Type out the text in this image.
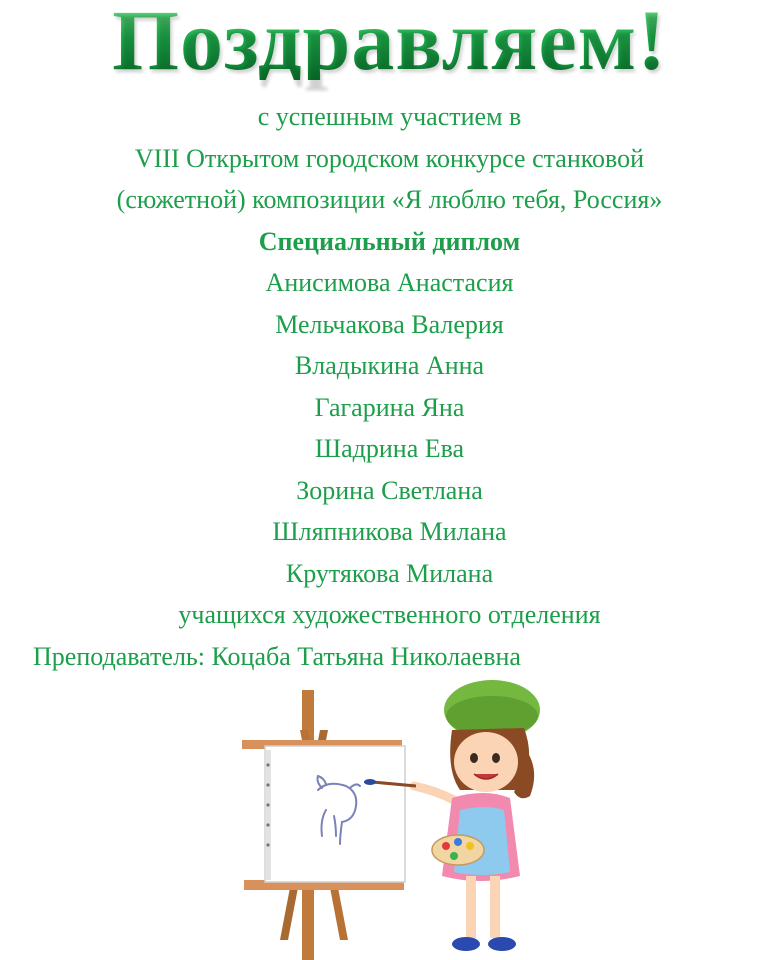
Поздравляем!
с успешным участием в
VIII Открытом городском конкурсе станковой
(сюжетной) композиции «Я люблю тебя, Россия»
Специальный диплом
Анисимова Анастасия
Мельчакова Валерия
Владыкина Анна
Гагарина Яна
Шадрина Ева
Зорина Светлана
Шляпникова Милана
Крутякова Милана
учащихся художественного отделения
Преподаватель: Коцаба Татьяна Николаевна
